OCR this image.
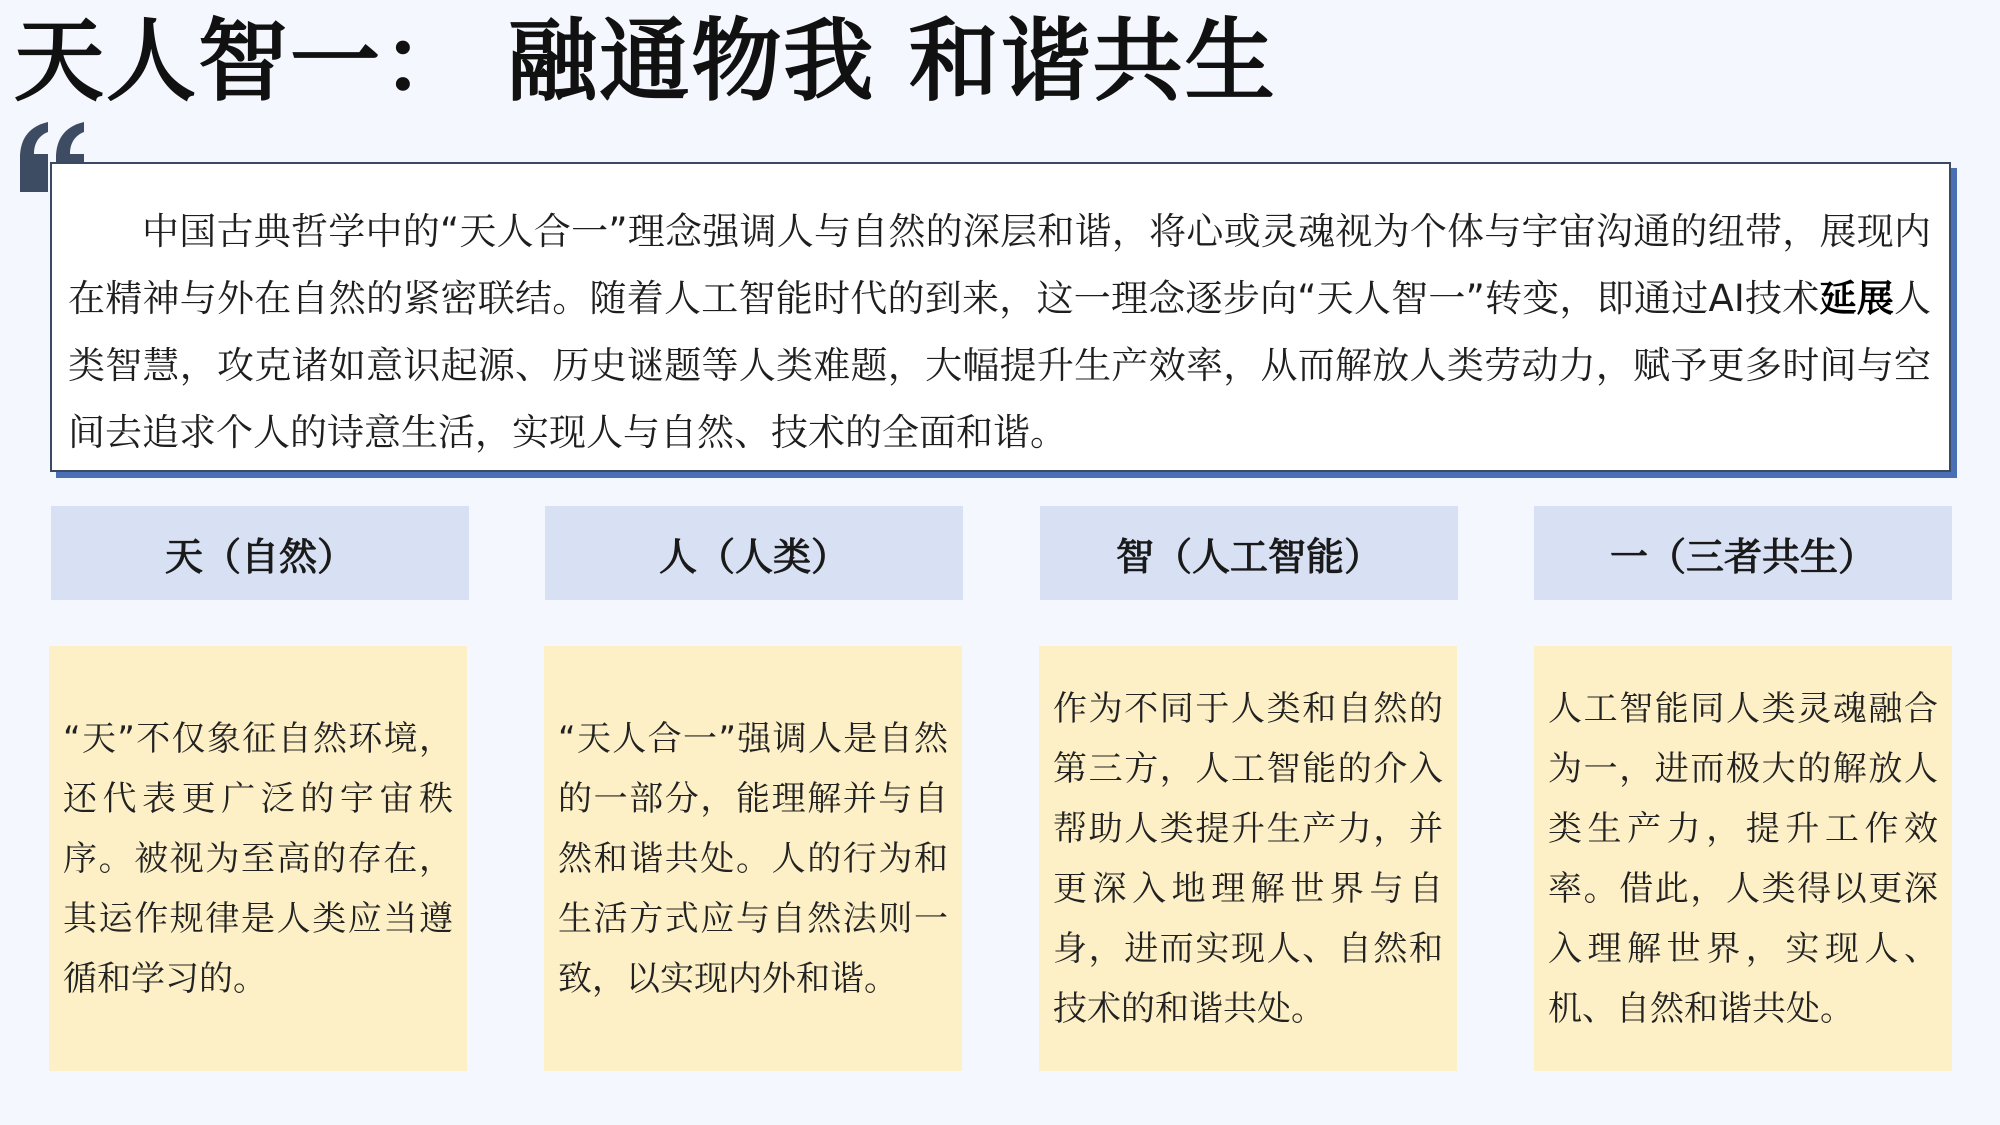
天人智一： 融通物我 和谐共生

中国古典哲学中的“天人合一”理念强调人与自然的深层和谐，将心或灵魂视为个体与宇宙沟通的纽带，展现内在精神与外在自然的紧密联结。随着人工智能时代的到来，这一理念逐步向“天人智一”转变，即通过AI技术延展人类智慧，攻克诸如意识起源、历史谜题等人类难题，大幅提升生产效率，从而解放人类劳动力，赋予更多时间与空间去追求个人的诗意生活，实现人与自然、技术的全面和谐。

天（自然）	人（人类）	智（人工智能）	一（三者共生）

“天”不仅象征自然环境，还代表更广泛的宇宙秩序。被视为至高的存在，其运作规律是人类应当遵循和学习的。

“天人合一”强调人是自然的一部分，能理解并与自然和谐共处。人的行为和生活方式应与自然法则一致，以实现内外和谐。

作为不同于人类和自然的第三方，人工智能的介入帮助人类提升生产力，并更深入地理解世界与自身，进而实现人、自然和技术的和谐共处。

人工智能同人类灵魂融合为一，进而极大的解放人类生产力，提升工作效率。借此，人类得以更深入理解世界，实现人、机、自然和谐共处。
